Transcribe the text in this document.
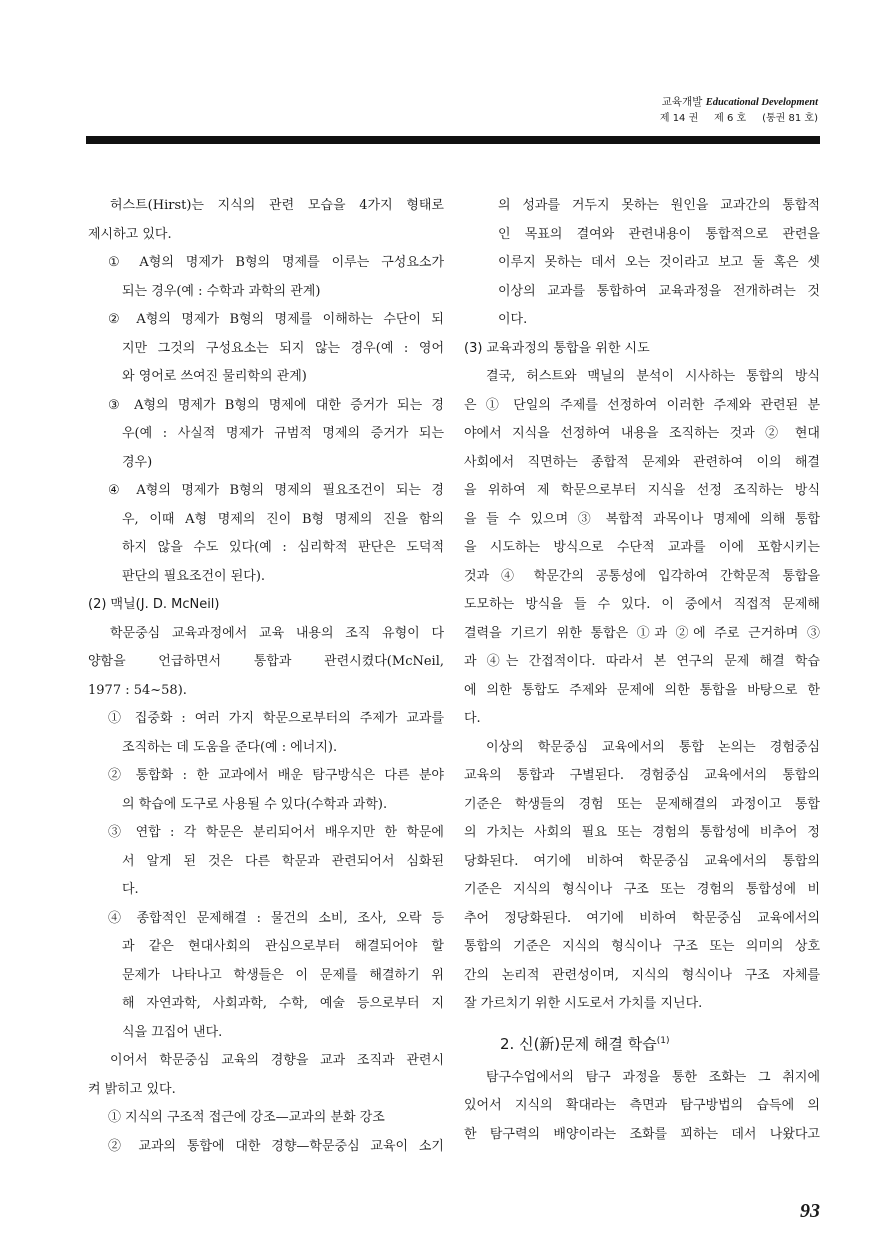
교육개발 Educational Development
제 14 권 제 6 호 (통권 81 호)
허스트(Hirst)는 지식의 관련 모습을 4가지 형태로
제시하고 있다.
① A형의 명제가 B형의 명제를 이루는 구성요소가
되는 경우(예 : 수학과 과학의 관계)
② A형의 명제가 B형의 명제를 이해하는 수단이 되
지만 그것의 구성요소는 되지 않는 경우(예 : 영어
와 영어로 쓰여진 물리학의 관계)
③ A형의 명제가 B형의 명제에 대한 증거가 되는 경
우(예 : 사실적 명제가 규범적 명제의 증거가 되는
경우)
④ A형의 명제가 B형의 명제의 필요조건이 되는 경
우, 이때 A형 명제의 진이 B형 명제의 진을 함의
하지 않을 수도 있다(예 : 심리학적 판단은 도덕적
판단의 필요조건이 된다).
(2) 맥닐(J. D. McNeil)
학문중심 교육과정에서 교육 내용의 조직 유형이 다
양함을 언급하면서 통합과 관련시켰다(McNeil,
1977 : 54~58).
① 집중화 : 여러 가지 학문으로부터의 주제가 교과를
조직하는 데 도움을 준다(예 : 에너지).
② 통합화 : 한 교과에서 배운 탐구방식은 다른 분야
의 학습에 도구로 사용될 수 있다(수학과 과학).
③ 연합 : 각 학문은 분리되어서 배우지만 한 학문에
서 알게 된 것은 다른 학문과 관련되어서 심화된
다.
④ 종합적인 문제해결 : 물건의 소비, 조사, 오락 등
과 같은 현대사회의 관심으로부터 해결되어야 할
문제가 나타나고 학생들은 이 문제를 해결하기 위
해 자연과학, 사회과학, 수학, 예술 등으로부터 지
식을 끄집어 낸다.
이어서 학문중심 교육의 경향을 교과 조직과 관련시
켜 밝히고 있다.
① 지식의 구조적 접근에 강조—교과의 분화 강조
② 교과의 통합에 대한 경향—학문중심 교육이 소기
의 성과를 거두지 못하는 원인을 교과간의 통합적
인 목표의 결여와 관련내용이 통합적으로 관련을
이루지 못하는 데서 오는 것이라고 보고 둘 혹은 셋
이상의 교과를 통합하여 교육과정을 전개하려는 것
이다.
(3) 교육과정의 통합을 위한 시도
결국, 허스트와 맥닐의 분석이 시사하는 통합의 방식
은 ① 단일의 주제를 선정하여 이러한 주제와 관련된 분
야에서 지식을 선정하여 내용을 조직하는 것과 ② 현대
사회에서 직면하는 종합적 문제와 관련하여 이의 해결
을 위하여 제 학문으로부터 지식을 선정 조직하는 방식
을 들 수 있으며 ③ 복합적 과목이나 명제에 의해 통합
을 시도하는 방식으로 수단적 교과를 이에 포함시키는
것과 ④ 학문간의 공통성에 입각하여 간학문적 통합을
도모하는 방식을 들 수 있다. 이 중에서 직접적 문제해
결력을 기르기 위한 통합은 ①과 ②에 주로 근거하며 ③
과 ④는 간접적이다. 따라서 본 연구의 문제 해결 학습
에 의한 통합도 주제와 문제에 의한 통합을 바탕으로 한
다.
이상의 학문중심 교육에서의 통합 논의는 경험중심
교육의 통합과 구별된다. 경험중심 교육에서의 통합의
기준은 학생들의 경험 또는 문제해결의 과정이고 통합
의 가치는 사회의 필요 또는 경험의 통합성에 비추어 정
당화된다. 여기에 비하여 학문중심 교육에서의 통합의
기준은 지식의 형식이나 구조 또는 경험의 통합성에 비
추어 정당화된다. 여기에 비하여 학문중심 교육에서의
통합의 기준은 지식의 형식이나 구조 또는 의미의 상호
간의 논리적 관련성이며, 지식의 형식이나 구조 자체를
잘 가르치기 위한 시도로서 가치를 지닌다.
2. 신(新)문제 해결 학습$^{(1)}$
탐구수업에서의 탐구 과정을 통한 조화는 그 취지에
있어서 지식의 확대라는 측면과 탐구방법의 습득에 의
한 탐구력의 배양이라는 조화를 꾀하는 데서 나왔다고
93
